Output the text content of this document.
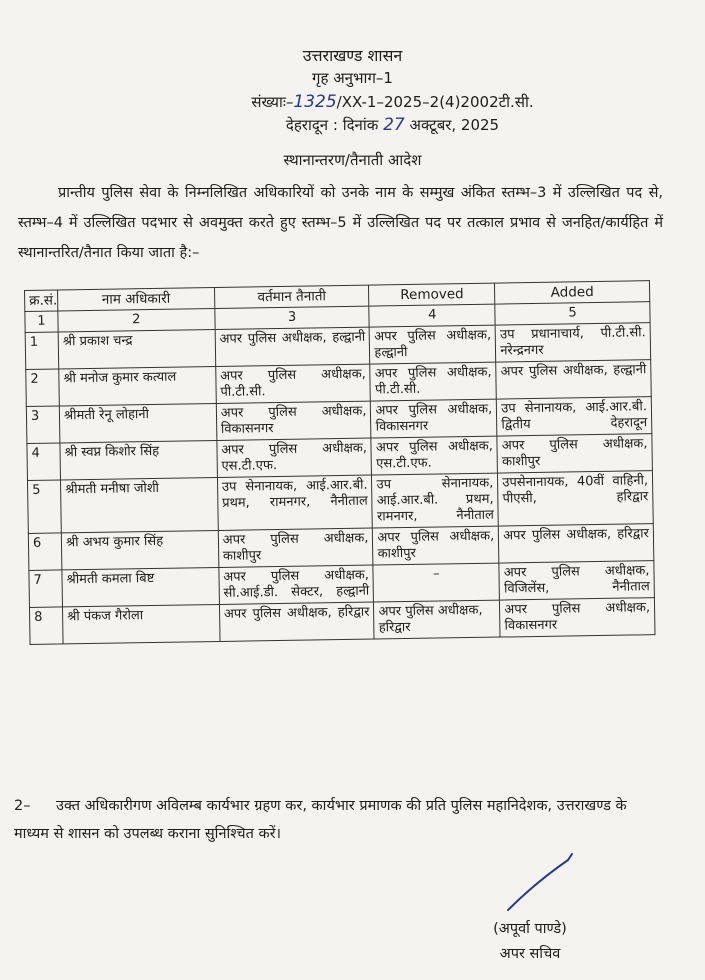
उत्तराखण्ड शासन
गृह अनुभाग–1
संख्याः–1325/XX-1–2025–2(4)2002टी.सी.
देहरादून : दिनांक 27 अक्टूबर, 2025
स्थानान्तरण/तैनाती आदेश
प्रान्तीय पुलिस सेवा के निम्नलिखित अधिकारियों को उनके नाम के सम्मुख अंकित स्तम्भ–3 में उल्लिखित पद से, स्तम्भ–4 में उल्लिखित पदभार से अवमुक्त करते हुए स्तम्भ–5 में उल्लिखित पद पर तत्काल प्रभाव से जनहित/कार्यहित में स्थानान्तरित/तैनात किया जाता है:–
क्र.सं.	नाम अधिकारी	वर्तमान तैनाती	Removed	Added
1	2	3	4	5
1	श्री प्रकाश चन्द्र	अपर पुलिस अधीक्षक, हल्द्वानी	अपर पुलिस अधीक्षक, हल्द्वानी	उप प्रधानाचार्य, पी.टी.सी. नरेन्द्रनगर
2	श्री मनोज कुमार कत्याल	अपर पुलिस अधीक्षक, पी.टी.सी.	अपर पुलिस अधीक्षक, पी.टी.सी.	अपर पुलिस अधीक्षक, हल्द्वानी
3	श्रीमती रेनू लोहानी	अपर पुलिस अधीक्षक, विकासनगर	अपर पुलिस अधीक्षक, विकासनगर	उप सेनानायक, आई.आर.बी. द्वितीय देहरादून
4	श्री स्वप्न किशोर सिंह	अपर पुलिस अधीक्षक, एस.टी.एफ.	अपर पुलिस अधीक्षक, एस.टी.एफ.	अपर पुलिस अधीक्षक, काशीपुर
5	श्रीमती मनीषा जोशी	उप सेनानायक, आई.आर.बी. प्रथम, रामनगर, नैनीताल	उप सेनानायक, आई.आर.बी. प्रथम, रामनगर, नैनीताल	उपसेनानायक, 40वीं वाहिनी, पीएसी, हरिद्वार
6	श्री अभय कुमार सिंह	अपर पुलिस अधीक्षक, काशीपुर	अपर पुलिस अधीक्षक, काशीपुर	अपर पुलिस अधीक्षक, हरिद्वार
7	श्रीमती कमला बिष्ट	अपर पुलिस अधीक्षक, सी.आई.डी. सेक्टर, हल्द्वानी	–	अपर पुलिस अधीक्षक, विजिलेंस, नैनीताल
8	श्री पंकज गैरोला	अपर पुलिस अधीक्षक, हरिद्वार	अपर पुलिस अधीक्षक, हरिद्वार	अपर पुलिस अधीक्षक, विकासनगर
2– उक्त अधिकारीगण अविलम्ब कार्यभार ग्रहण कर, कार्यभार प्रमाणक की प्रति पुलिस महानिदेशक, उत्तराखण्ड के माध्यम से शासन को उपलब्ध कराना सुनिश्चित करें।
(अपूर्वा पाण्डे)
अपर सचिव
